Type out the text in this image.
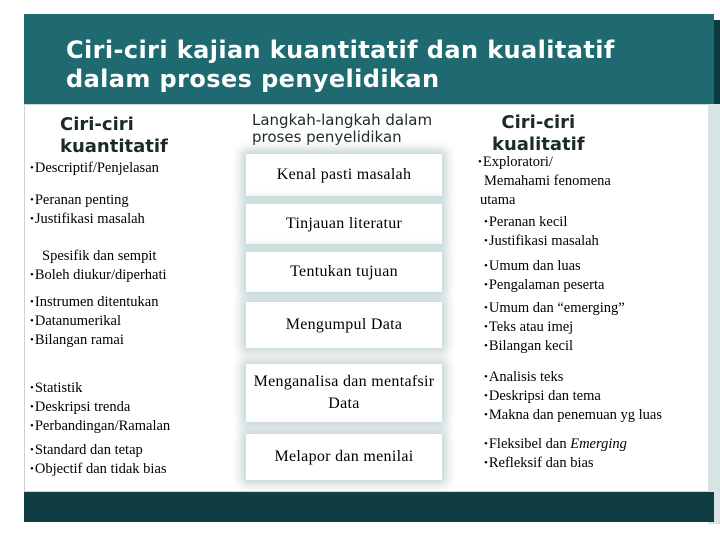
Ciri-ciri kajian kuantitatif dan kualitatif
dalam proses penyelidikan
Ciri-ciri
kuantitatif
• Descriptif/Penjelasan
• Peranan penting
• Justifikasi masalah
Spesifik dan sempit
• Boleh diukur/diperhati
• Instrumen ditentukan
• Datanumerikal
• Bilangan ramai
• Statistik
• Deskripsi trenda
• Perbandingan/Ramalan
• Standard dan tetap
• Objectif dan tidak bias
Langkah-langkah dalam
proses penyelidikan
Kenal pasti masalah
Tinjauan literatur
Tentukan tujuan
Mengumpul Data
Menganalisa dan mentafsir Data
Melapor dan menilai
Ciri-ciri
kualitatif
• Exploratori/
Memahami fenomena
utama
• Peranan kecil
• Justifikasi masalah
• Umum dan luas
• Pengalaman peserta
• Umum dan “emerging”
• Teks atau imej
• Bilangan kecil
• Analisis teks
• Deskripsi dan tema
• Makna dan penemuan yg luas
• Fleksibel dan Emerging
• Refleksif dan bias
